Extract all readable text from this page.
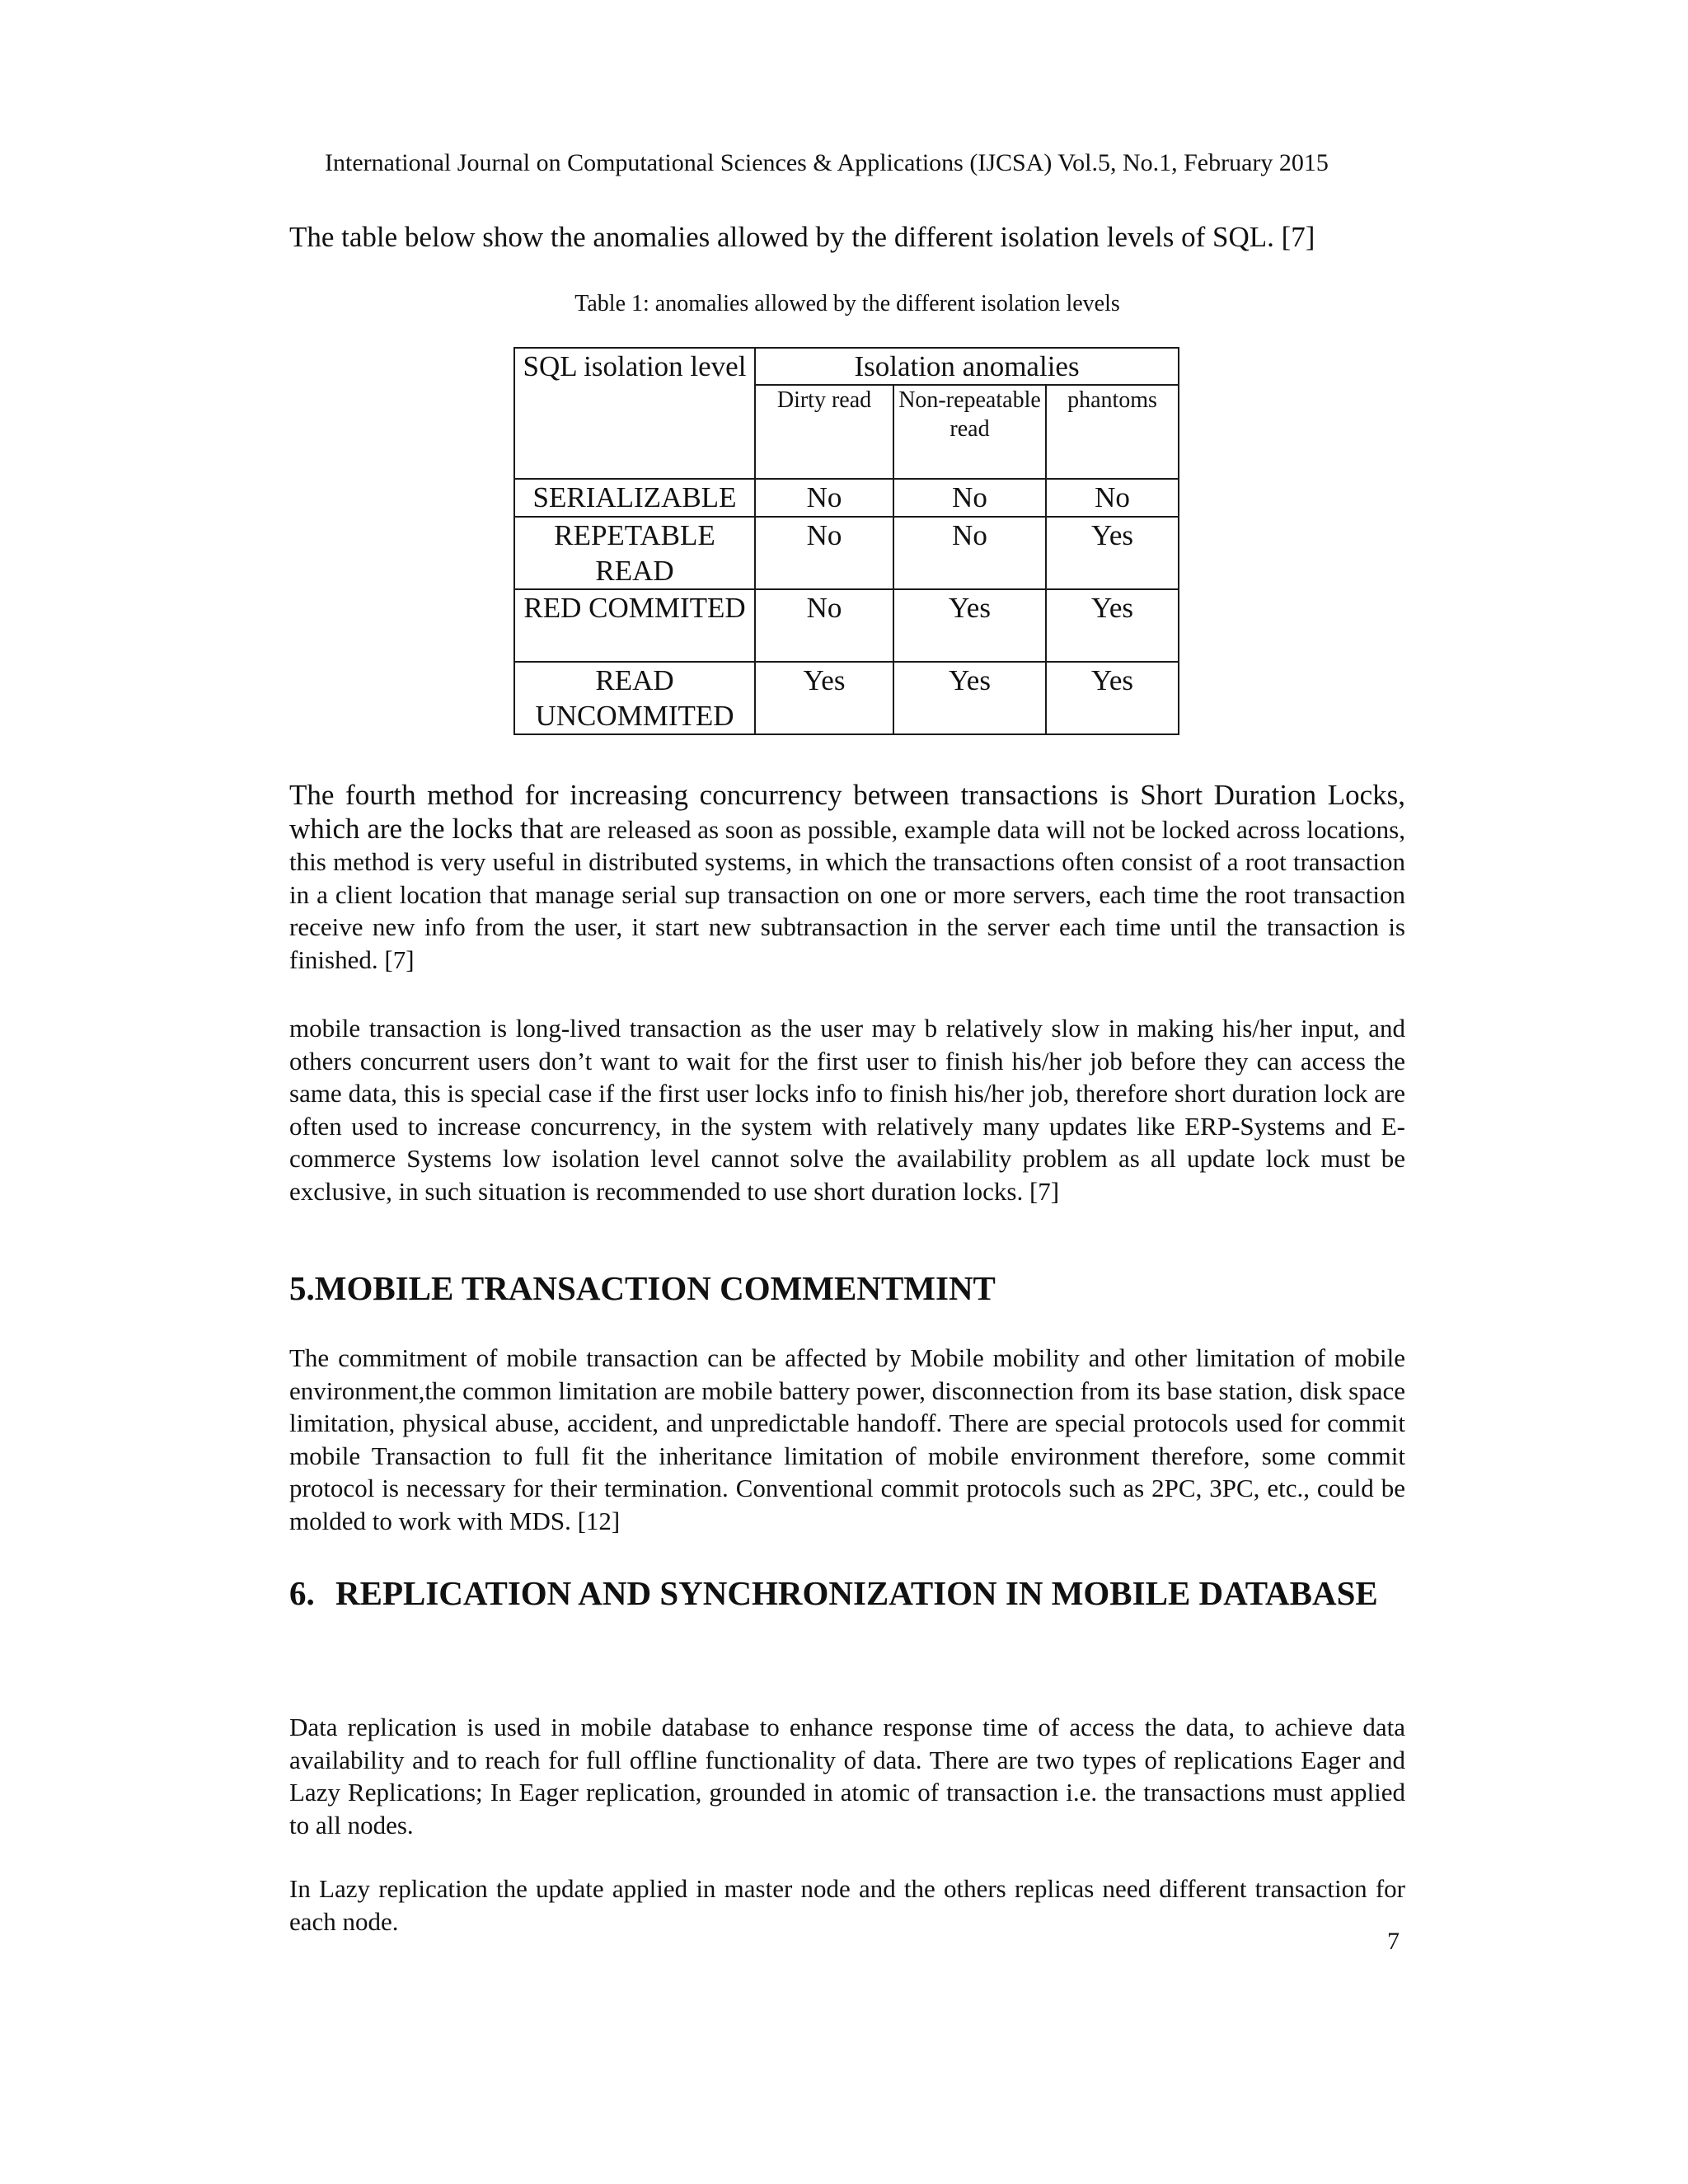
International Journal on Computational Sciences & Applications (IJCSA) Vol.5, No.1, February 2015
The table below show the anomalies allowed by the different isolation levels of SQL. [7]
Table 1: anomalies allowed by the different isolation levels
SQL isolation level	Isolation anomalies		
	Dirty read	Non-repeatable read	phantoms
SERIALIZABLE	No	No	No
REPETABLE READ	No	No	Yes
RED COMMITED	No	Yes	Yes
READ UNCOMMITED	Yes	Yes	Yes
The fourth method for increasing concurrency between transactions is Short Duration Locks, which are the locks that are released as soon as possible, example data will not be locked across locations, this method is very useful in distributed systems, in which the transactions often consist of a root transaction in a client location that manage serial sup transaction on one or more servers, each time the root transaction receive new info from the user, it start new subtransaction in the server each time until the transaction is finished. [7]
mobile transaction is long-lived transaction as the user may b relatively slow in making his/her input, and others concurrent users don’t want to wait for the first user to finish his/her job before they can access the same data, this is special case if the first user locks info to finish his/her job, therefore short duration lock are often used to increase concurrency, in the system with relatively many updates like ERP-Systems and E-commerce Systems low isolation level cannot solve the availability problem as all update lock must be exclusive, in such situation is recommended to use short duration locks. [7]
5.MOBILE TRANSACTION COMMENTMINT
The commitment of mobile transaction can be affected by Mobile mobility and other limitation of mobile environment,the common limitation are mobile battery power, disconnection from its base station, disk space limitation, physical abuse, accident, and unpredictable handoff. There are special protocols used for commit mobile Transaction to full fit the inheritance limitation of mobile environment therefore, some commit protocol is necessary for their termination. Conventional commit protocols such as 2PC, 3PC, etc., could be molded to work with MDS. [12]
6. REPLICATION AND SYNCHRONIZATION IN MOBILE DATABASE
Data replication is used in mobile database to enhance response time of access the data, to achieve data availability and to reach for full offline functionality of data. There are two types of replications Eager and Lazy Replications; In Eager replication, grounded in atomic of transaction i.e. the transactions must applied to all nodes.
In Lazy replication the update applied in master node and the others replicas need different transaction for each node.
7
